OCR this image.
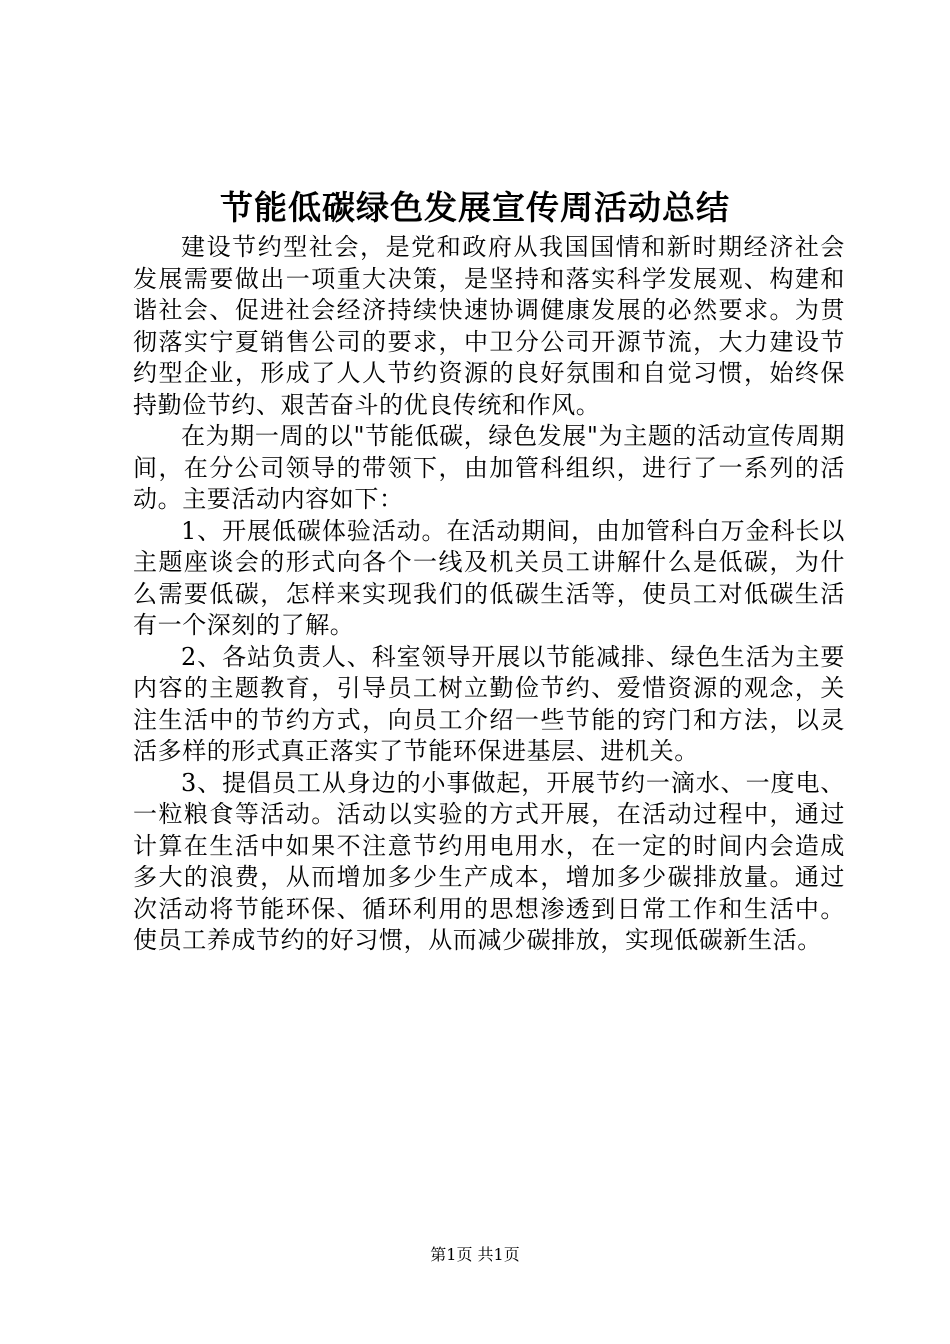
节能低碳绿色发展宣传周活动总结

建设节约型社会，是党和政府从我国国情和新时期经济社会发展需要做出一项重大决策，是坚持和落实科学发展观、构建和谐社会、促进社会经济持续快速协调健康发展的必然要求。为贯彻落实宁夏销售公司的要求，中卫分公司开源节流，大力建设节约型企业，形成了人人节约资源的良好氛围和自觉习惯，始终保持勤俭节约、艰苦奋斗的优良传统和作风。

在为期一周的以"节能低碳，绿色发展"为主题的活动宣传周期间，在分公司领导的带领下，由加管科组织，进行了一系列的活动。主要活动内容如下：

1、开展低碳体验活动。在活动期间，由加管科白万金科长以主题座谈会的形式向各个一线及机关员工讲解什么是低碳，为什么需要低碳，怎样来实现我们的低碳生活等，使员工对低碳生活有一个深刻的了解。

2、各站负责人、科室领导开展以节能减排、绿色生活为主要内容的主题教育，引导员工树立勤俭节约、爱惜资源的观念，关注生活中的节约方式，向员工介绍一些节能的窍门和方法，以灵活多样的形式真正落实了节能环保进基层、进机关。

3、提倡员工从身边的小事做起，开展节约一滴水、一度电、一粒粮食等活动。活动以实验的方式开展，在活动过程中，通过计算在生活中如果不注意节约用电用水，在一定的时间内会造成多大的浪费，从而增加多少生产成本，增加多少碳排放量。通过次活动将节能环保、循环利用的思想渗透到日常工作和生活中。使员工养成节约的好习惯，从而减少碳排放，实现低碳新生活。

第1页 共1页
